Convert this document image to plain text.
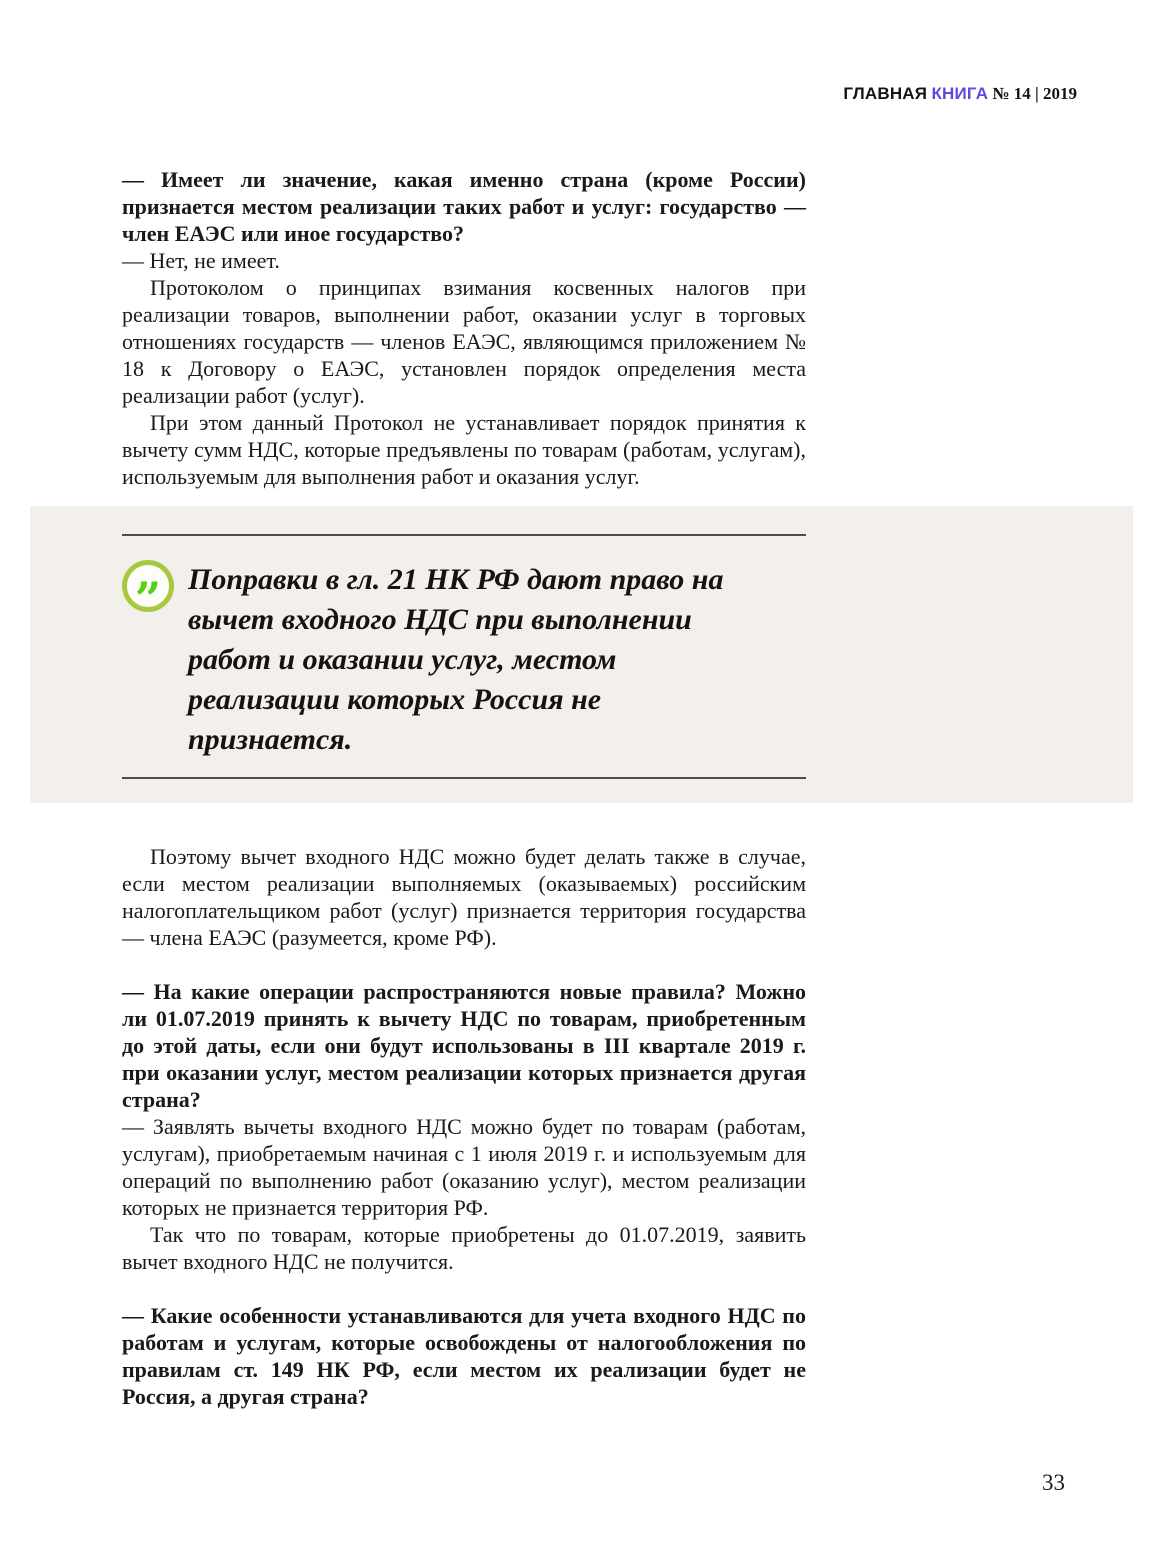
ГЛАВНАЯ КНИГА № 14 | 2019

— Имеет ли значение, какая именно страна (кроме России) признается местом реализации таких работ и услуг: государство — член ЕАЭС или иное государство?

— Нет, не имеет.

Протоколом о принципах взимания косвенных налогов при реализации товаров, выполнении работ, оказании услуг в торговых отношениях государств — членов ЕАЭС, являющимся приложением № 18 к Договору о ЕАЭС, установлен порядок определения места реализации работ (услуг).

При этом данный Протокол не устанавливает порядок принятия к вычету сумм НДС, которые предъявлены по товарам (работам, услугам), используемым для выполнения работ и оказания услуг.

” Поправки в гл. 21 НК РФ дают право на вычет входного НДС при выполнении работ и оказании услуг, местом реализации которых Россия не признается.

Поэтому вычет входного НДС можно будет делать также в случае, если местом реализации выполняемых (оказываемых) российским налогоплательщиком работ (услуг) признается территория государства — члена ЕАЭС (разумеется, кроме РФ).

— На какие операции распространяются новые правила? Можно ли 01.07.2019 принять к вычету НДС по товарам, приобретенным до этой даты, если они будут использованы в III квартале 2019 г. при оказании услуг, местом реализации которых признается другая страна?

— Заявлять вычеты входного НДС можно будет по товарам (работам, услугам), приобретаемым начиная с 1 июля 2019 г. и используемым для операций по выполнению работ (оказанию услуг), местом реализации которых не признается территория РФ.

Так что по товарам, которые приобретены до 01.07.2019, заявить вычет входного НДС не получится.

— Какие особенности устанавливаются для учета входного НДС по работам и услугам, которые освобождены от налогообложения по правилам ст. 149 НК РФ, если местом их реализации будет не Россия, а другая страна?

33
